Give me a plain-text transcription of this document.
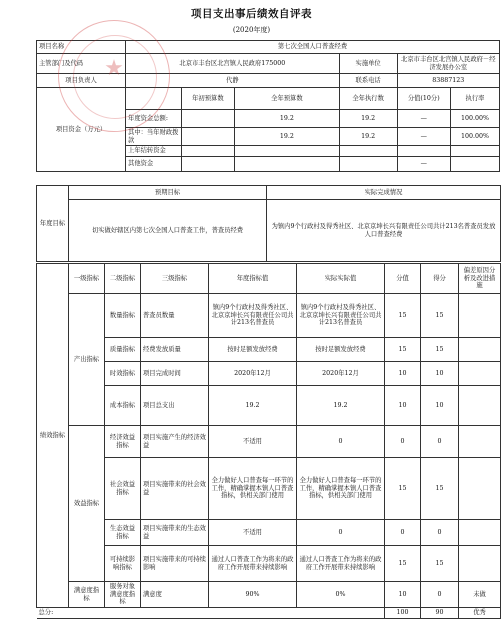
项目支出事后绩效自评表
(2020年度)
项目名称	第七次全国人口普查经费					
主管部门及代码	北京市丰台区北宫镇人民政府175000			实施单位	北京市丰台区北宫镇人民政府－经济发展办公室	
项目负责人	代静			联系电话	83887123	
项目资金（万元）		年初预算数	全年预算数	全年执行数	分值(10分)	执行率
	年度资金总额:		19.2	19.2	—	100.00%
	其中：当年财政拨款		19.2	19.2	—	100.00%
	上年结转资金					
	其他资金				—	
年度目标	预期目标	实际完成情况
	切实做好辖区内第七次全国人口普查工作，普查员经费	为镇内9个行政村及得秀社区、北京京坤长兴有限责任公司共计213名普查员发放人口普查经费
绩效指标	一级指标	二级指标	三级指标	年度指标值	实际实际值	分值	得分	偏差原因分析及改进措施
	产出指标	数量指标	普查员数量	镇内9个行政村及得秀社区、北京京坤长兴有限责任公司共计213名普查员	镇内9个行政村及得秀社区、北京京坤长兴有限责任公司共计213名普查员	15	15	
		质量指标	经费发放质量	按时足额发放经费	按时足额发放经费	15	15	
		时效指标	项目完成时间	2020年12月	2020年12月	10	10	
		成本指标	项目总支出	19.2	19.2	10	10	
	效益指标	经济效益指标	项目实施产生的经济效益	不适用	0	0	0	
		社会效益指标	项目实施带来的社会效益	全力做好人口普查每一环节的工作，精确掌握本镇人口普查指标，供相关部门使用	全力做好人口普查每一环节的工作，精确掌握本镇人口普查指标，供相关部门使用	15	15	
		生态效益指标	项目实施带来的生态效益	不适用	0	0	0	
		可持续影响指标	项目实施带来的可持续影响	通过人口普查工作为将来的政府工作开展带来持续影响	通过人口普查工作为将来的政府工作开展带来持续影响	15	15	
	满意度指标	服务对象满意度指标	满意度	90%	0%	10	0	未做
总分:						100	90	优秀
★
